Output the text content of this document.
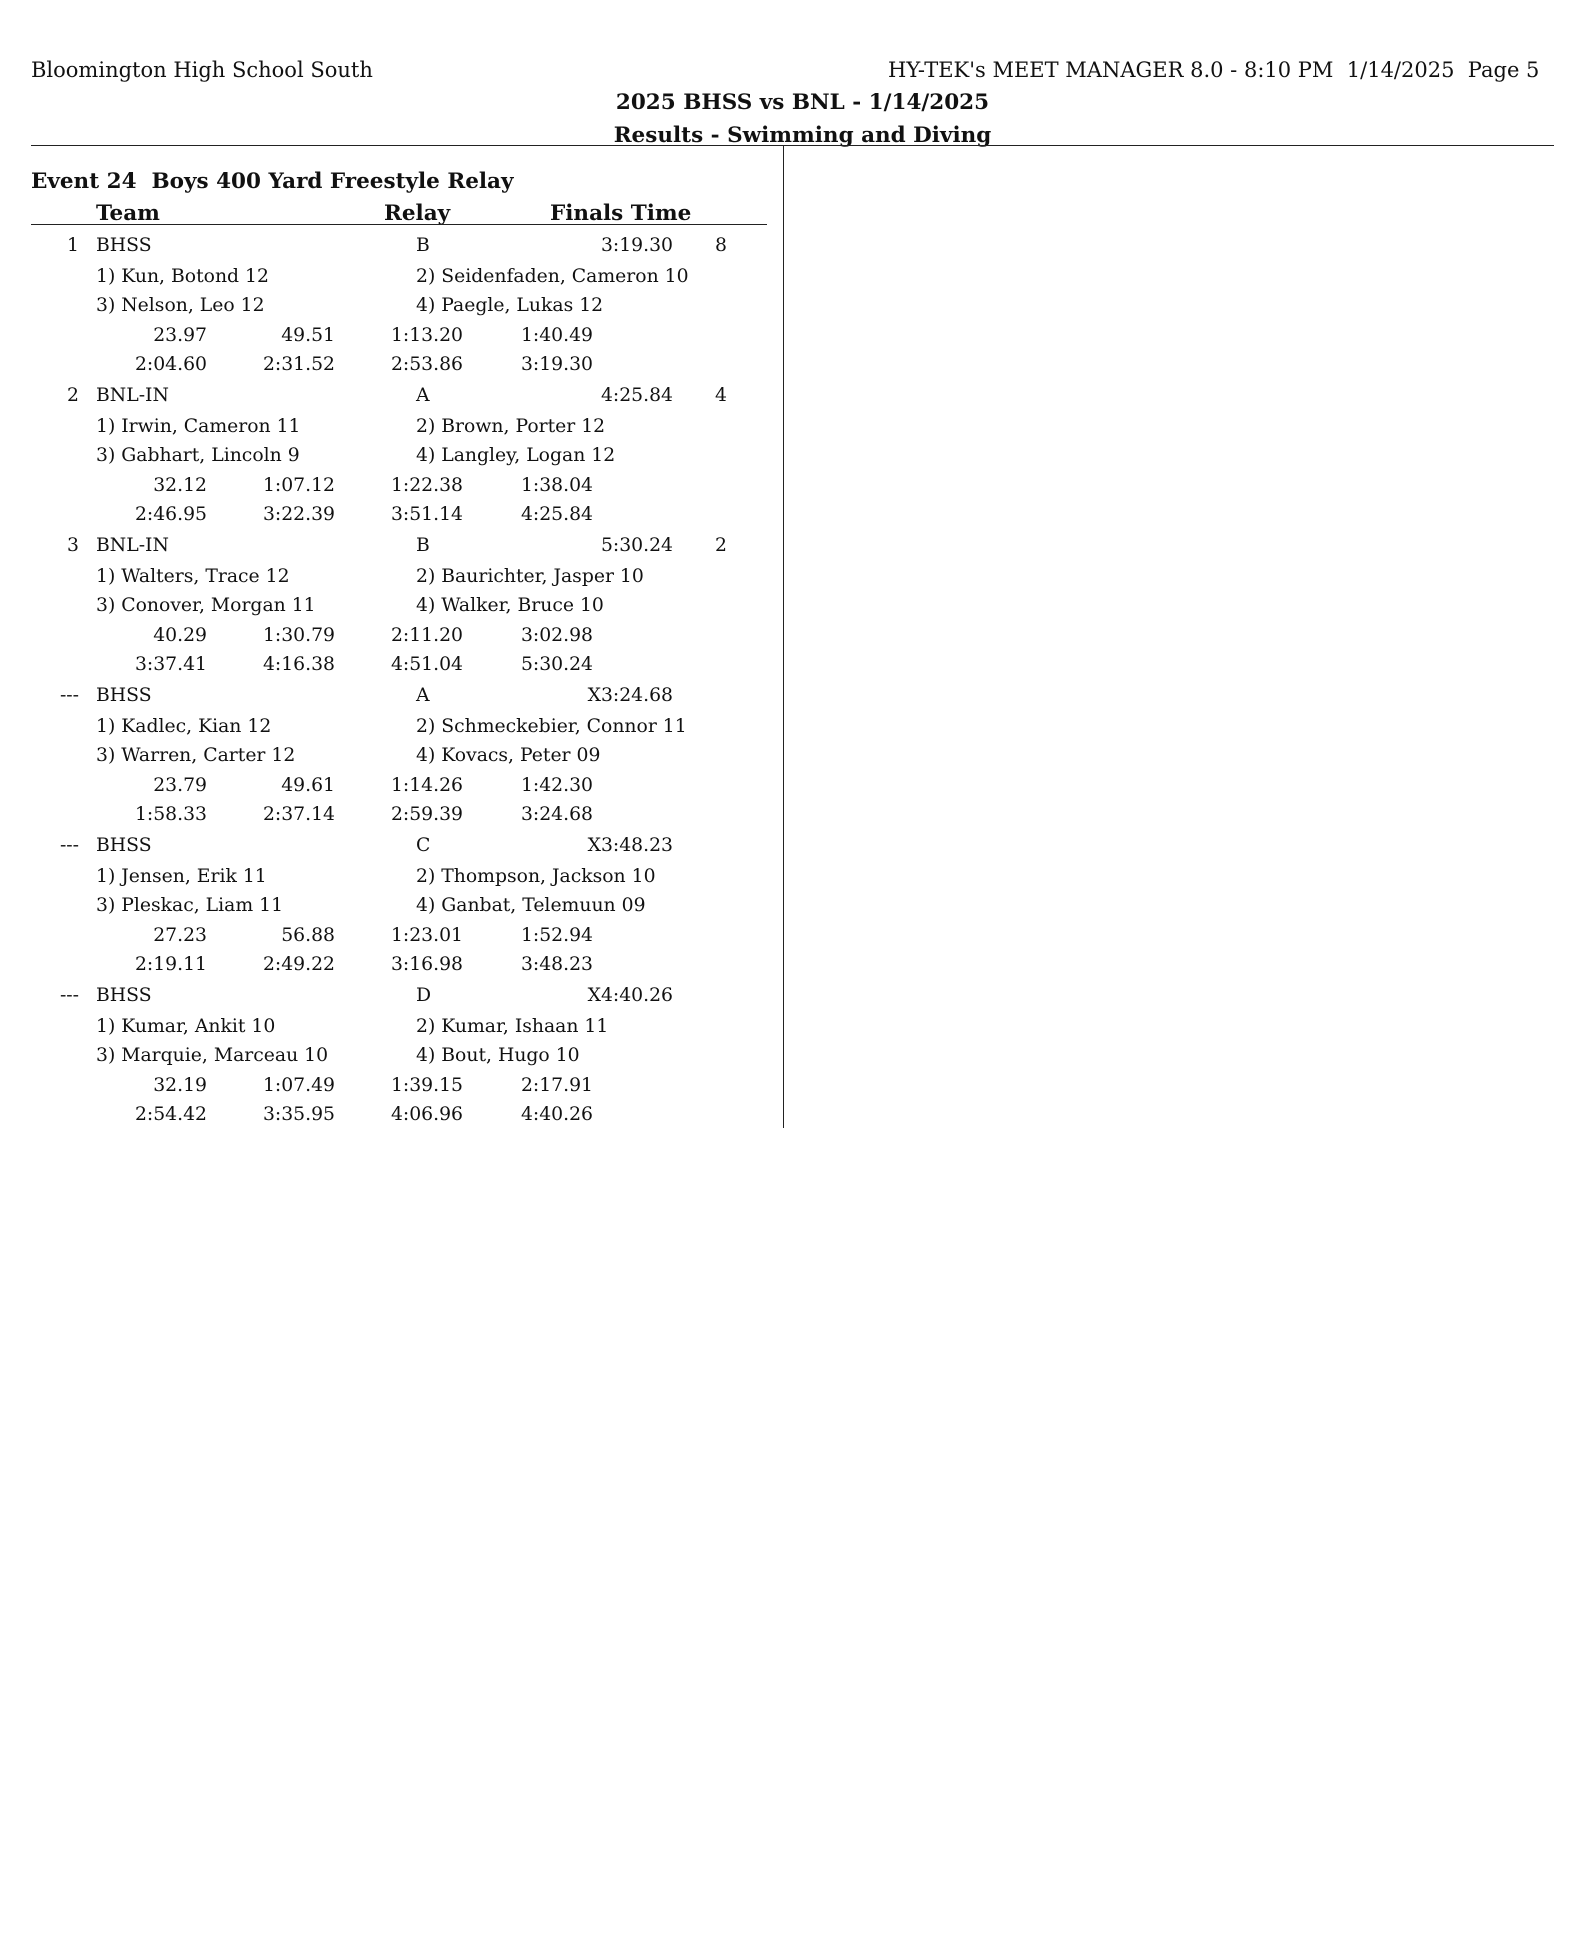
Bloomington High School South	HY-TEK's MEET MANAGER 8.0 - 8:10 PM  1/14/2025  Page 5
2025 BHSS vs BNL - 1/14/2025
Results - Swimming and Diving
Event 24  Boys 400 Yard Freestyle Relay
Team	Relay	Finals Time
1 BHSS	B	3:19.30 8
1) Kun, Botond 12	2) Seidenfaden, Cameron 10
3) Nelson, Leo 12	4) Paegle, Lukas 12
23.97	49.51	1:13.20	1:40.49
2:04.60	2:31.52	2:53.86	3:19.30
2 BNL-IN	A	4:25.84 4
1) Irwin, Cameron 11	2) Brown, Porter 12
3) Gabhart, Lincoln 9	4) Langley, Logan 12
32.12	1:07.12	1:22.38	1:38.04
2:46.95	3:22.39	3:51.14	4:25.84
3 BNL-IN	B	5:30.24 2
1) Walters, Trace 12	2) Baurichter, Jasper 10
3) Conover, Morgan 11	4) Walker, Bruce 10
40.29	1:30.79	2:11.20	3:02.98
3:37.41	4:16.38	4:51.04	5:30.24
--- BHSS	A	X3:24.68
1) Kadlec, Kian 12	2) Schmeckebier, Connor 11
3) Warren, Carter 12	4) Kovacs, Peter 09
23.79	49.61	1:14.26	1:42.30
1:58.33	2:37.14	2:59.39	3:24.68
--- BHSS	C	X3:48.23
1) Jensen, Erik 11	2) Thompson, Jackson 10
3) Pleskac, Liam 11	4) Ganbat, Telemuun 09
27.23	56.88	1:23.01	1:52.94
2:19.11	2:49.22	3:16.98	3:48.23
--- BHSS	D	X4:40.26
1) Kumar, Ankit 10	2) Kumar, Ishaan 11
3) Marquie, Marceau 10	4) Bout, Hugo 10
32.19	1:07.49	1:39.15	2:17.91
2:54.42	3:35.95	4:06.96	4:40.26
